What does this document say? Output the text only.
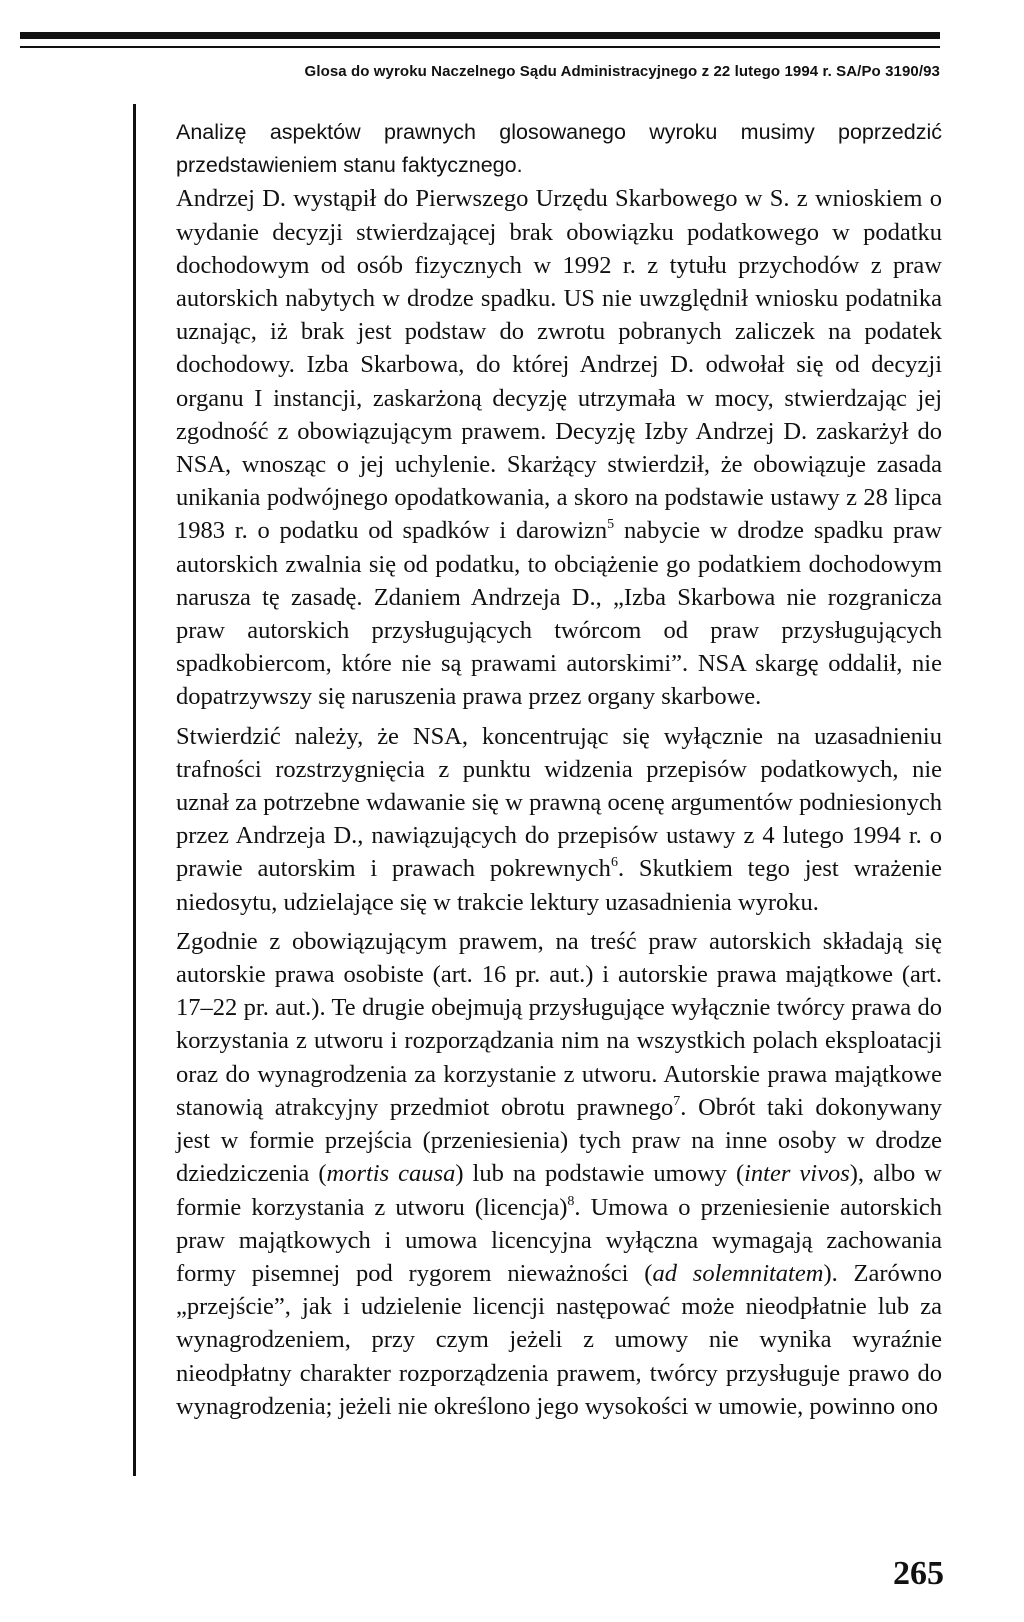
Glosa do wyroku Naczelnego Sądu Administracyjnego z 22 lutego 1994 r. SA/Po 3190/93

Analizę aspektów prawnych glosowanego wyroku musimy poprzedzić przedstawieniem stanu faktycznego.

Andrzej D. wystąpił do Pierwszego Urzędu Skarbowego w S. z wnioskiem o wydanie decyzji stwierdzającej brak obowiązku podatkowego w podatku dochodowym od osób fizycznych w 1992 r. z tytułu przychodów z praw autorskich nabytych w drodze spadku. US nie uwzględnił wniosku podatnika uznając, iż brak jest podstaw do zwrotu pobranych zaliczek na podatek dochodowy. Izba Skarbowa, do której Andrzej D. odwołał się od decyzji organu I instancji, zaskarżoną decyzję utrzymała w mocy, stwierdzając jej zgodność z obowiązującym prawem. Decyzję Izby Andrzej D. zaskarżył do NSA, wnosząc o jej uchylenie. Skarżący stwierdził, że obowiązuje zasada unikania podwójnego opodatkowania, a skoro na podstawie ustawy z 28 lipca 1983 r. o podatku od spadków i darowizn$^5$ nabycie w drodze spadku praw autorskich zwalnia się od podatku, to obciążenie go podatkiem dochodowym narusza tę zasadę. Zdaniem Andrzeja D., „Izba Skarbowa nie rozgranicza praw autorskich przysługujących twórcom od praw przysługujących spadkobiercom, które nie są prawami autorskimi”. NSA skargę oddalił, nie dopatrzywszy się naruszenia prawa przez organy skarbowe.

Stwierdzić należy, że NSA, koncentrując się wyłącznie na uzasadnieniu trafności rozstrzygnięcia z punktu widzenia przepisów podatkowych, nie uznał za potrzebne wdawanie się w prawną ocenę argumentów podniesionych przez Andrzeja D., nawiązujących do przepisów ustawy z 4 lutego 1994 r. o prawie autorskim i prawach pokrewnych$^6$. Skutkiem tego jest wrażenie niedosytu, udzielające się w trakcie lektury uzasadnienia wyroku.

Zgodnie z obowiązującym prawem, na treść praw autorskich składają się autorskie prawa osobiste (art. 16 pr. aut.) i autorskie prawa majątkowe (art. 17–22 pr. aut.). Te drugie obejmują przysługujące wyłącznie twórcy prawa do korzystania z utworu i rozporządzania nim na wszystkich polach eksploatacji oraz do wynagrodzenia za korzystanie z utworu. Autorskie prawa majątkowe stanowią atrakcyjny przedmiot obrotu prawnego$^7$. Obrót taki dokonywany jest w formie przejścia (przeniesienia) tych praw na inne osoby w drodze dziedziczenia (mortis causa) lub na podstawie umowy (inter vivos), albo w formie korzystania z utworu (licencja)$^8$. Umowa o przeniesienie autorskich praw majątkowych i umowa licencyjna wyłączna wymagają zachowania formy pisemnej pod rygorem nieważności (ad solemnitatem). Zarówno „przejście”, jak i udzielenie licencji następować może nieodpłatnie lub za wynagrodzeniem, przy czym jeżeli z umowy nie wynika wyraźnie nieodpłatny charakter rozporządzenia prawem, twórcy przysługuje prawo do wynagrodzenia; jeżeli nie określono jego wysokości w umowie, powinno ono

265
